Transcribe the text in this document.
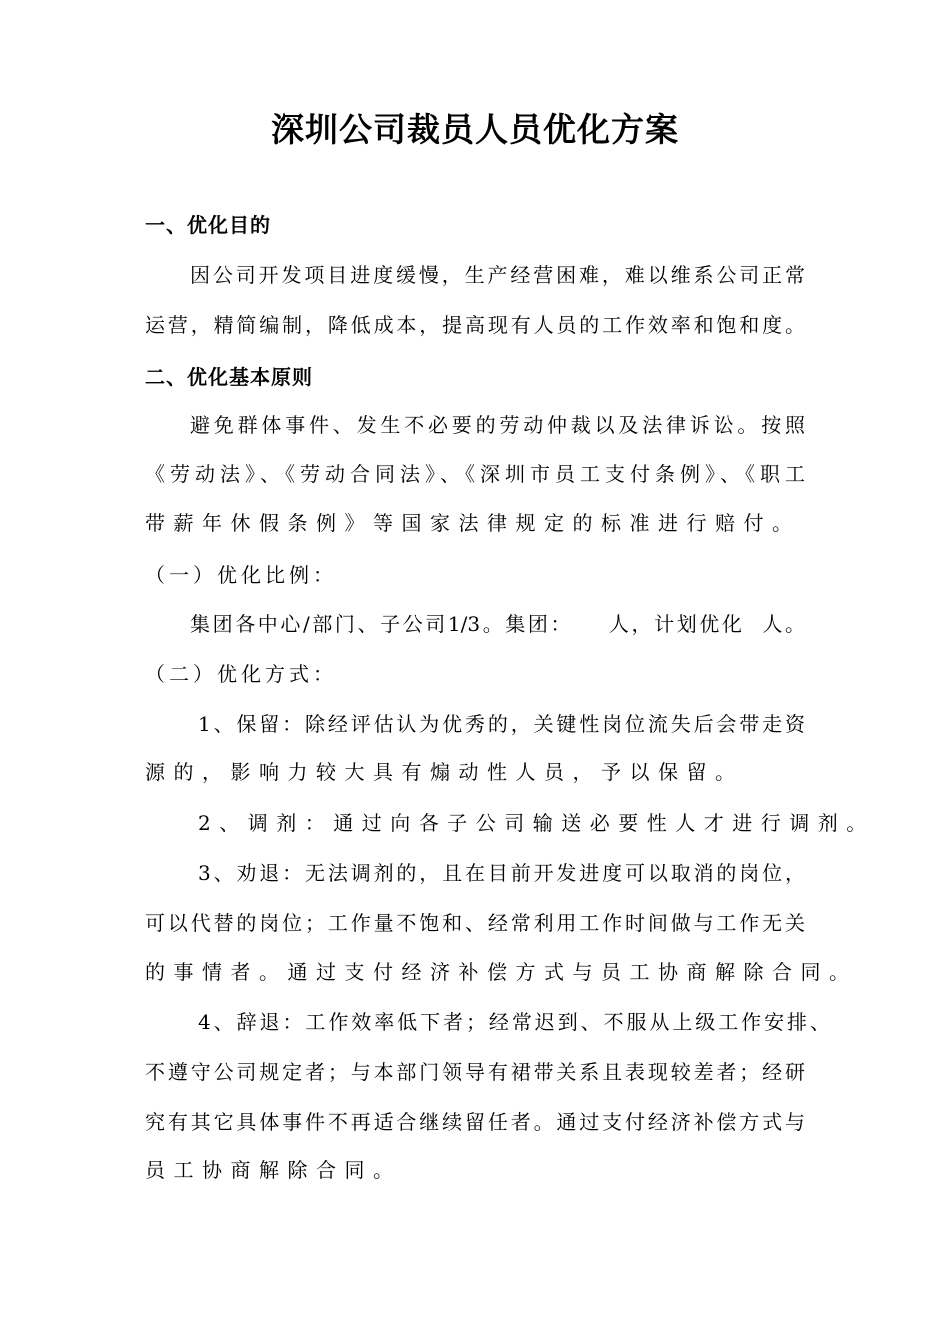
深圳公司裁员人员优化方案
一、优化目的
因公司开发项目进度缓慢，生产经营困难，难以维系公司正常
运营，精简编制，降低成本，提高现有人员的工作效率和饱和度。
二、优化基本原则
避免群体事件、发生不必要的劳动仲裁以及法律诉讼。按照
《劳动法》、《劳动合同法》、《深圳市员工支付条例》、《职工
带薪年休假条例》等国家法律规定的标准进行赔付。
（一）优化比例：
集团各中心/部门、子公司1/3。集团：    人，计划优化  人。
（二）优化方式：
1、保留：除经评估认为优秀的，关键性岗位流失后会带走资
源的，影响力较大具有煽动性人员，予以保留。
2、调剂：通过向各子公司输送必要性人才进行调剂。
3、劝退：无法调剂的，且在目前开发进度可以取消的岗位，
可以代替的岗位；工作量不饱和、经常利用工作时间做与工作无关
的事情者。通过支付经济补偿方式与员工协商解除合同。
4、辞退：工作效率低下者；经常迟到、不服从上级工作安排、
不遵守公司规定者；与本部门领导有裙带关系且表现较差者；经研
究有其它具体事件不再适合继续留任者。通过支付经济补偿方式与
员工协商解除合同。
